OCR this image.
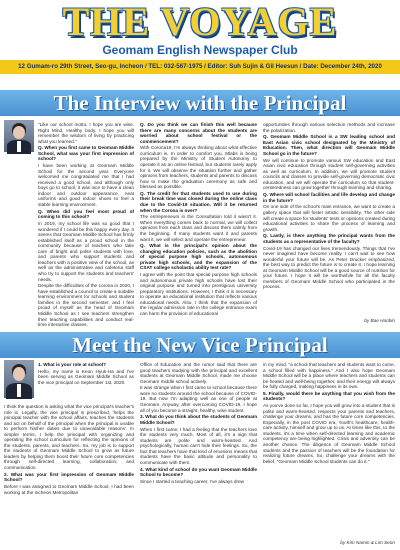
THE VOYAGE
Geomam English Newspaper Club
12 Gumam-ro 29th Street, Seo-gu, Incheon / TEL: 032-567-1975 / Editor: Suh Sujin & Gil Heesun / Date: December 24th, 2020
The Interview with the Principal

"Like our school motto, I hope you are wise. Right Mind, Healthy body. I hope you will remember the wisdom of living by practicing what you learned."

Q. When you first came to Geomam Middle School, what was your first impression of school?

I have been working at Geomam Middle School for the second year. Everyone welcomed me congratulated me that I had received a good school, and although only boys go to school, it was nice to have a clean indoor and outdoor appearance, neat uniforms and good indoor shoes to feel a stable learning environment.

Q. When did you feel most proud of coming to this school?

In 2019, my school life was so good that I wondered if I could be this happy every day. It seems that Geomam Middle School has firmly established itself as a proud school in the community because of teachers who take care of bright and polite students with love, and parents who support students and teachers with a positive view of the school, as well as the administrative and cafeteria staff who try to support the students and teachers' needs.

Despite the difficulties of the corona in 2020, I have established a council to create a suitable learning environment for schools and student families in the second semester, and I feel proud of myself as the head of Geomam Middle School as I see teachers strengthen their teaching capabilities and conduct real-time interactive classes.

Q. Do you think we can finish this well because there are many concerns about the students are worried about school festival or the commencement?

With Corona19, I'm always thinking about what effective curriculum is. In order to comfort you, Mlabs is being prepared by the Ministry of Student Autonomy to operate it as an online festival, but students rarely apply for it. We will observe the situation further and gather opinions from teachers, students and parents to discuss how to make the graduation ceremony as safe and blessed as possible.

Q. The credit for that students used to use during their break time was closed during the online class due to the Covid-19 situation. Will it be returned when the Corona is over?

The entrepreneurs in the Consultation told it wasn't it. When everything comes back to normal, we will collect opinions from each class and discuss them calmly from the beginning. If many students want it and parents want it, we will select and operate the entrepreneur.

Q. What is the principal's opinion about the changing education policies, such as the abolition of special purpose high schools, autonomous private high schools, and the expansion of the CSAT college scholastic ability test rate?

I agree with the point that special purpose high schools and autonomous private high schools have lost their original purpose and turned into prestigious university preparatory institutions. However, I think it is necessary to operate an educational institution that reflects various educational needs. Also, I think that the expansion of the regular admission rate in the college entrance exam can harm the provision of educational

opportunities through various selection methods and increase the polarization.

Q. Geomam Middle School is a SW leading school and East Asian civic school designated by the Ministry of Education. Then, what direction will Geomam Middle School go in the future?

We will continue to promote various SW education and East Asian civic education through student self-governing activities as well as curriculum. In addition, we will promote student councils and classes to provide self-governing democratic civic education, and we will operate the curriculum so that student-centeredness can grow together through learning and sharing.

Q. Where will school facilities and life develop and change in the future?

On one side of the school's main entrance, we want to create a gallery space that will foster artistic sensibility. The other side will create a space for students' tests or opinions created during educational activities to share the process of learning and growth.

Q. Lastly, is there anything the principal wants from the students as a representative of the faculty?

Covid-19 has changed our lives tremendously. Things that I've never imagined have become reality. I can't wait to see how wonderful your future will be. As Peter Drucker emphasized, the best way to predict the future is to create it. I hope learning at Geomam Middle School will be a good source of nutrition for your future. I hope it will be worthwhile for all the faculty members of Geomam Middle School who participated in the process.

by Bae Hanbin
Meet the New Vice Principal

1. What is your role at school?

Hello, my name is Keon Hyuk-Ha and I've been serving as Geomam Middle School as the vice principal on September 1st, 2020.

I think the question is asking what the vice principal's teacher's role is. Legally, the vice principal is prescribed, 'helps the principal teacher with the school affairs, teaches the students and act on behalf of the principal when the principal is unable to perform his/her duties due to unavoidable reasons'. In simpler terms, I help the principal with organizing and operating the school curriculum for reflecting the opinions of the students, parents, and teachers. So, my job is to support the students of Geomam Middle School to grow as future leaders by helping them boost their future core competencies through self-directed learning, collaboration, and communication.

2. What was your first impression of Geomam Middle School?

Before I was assigned to Geomam Middle School, I had been working at the Incheon Metropolitan

Office of Education and the rumor said that there are good teachers studying with the principal and excellent students at Geomam Middle School, made me choose Geomam middle school actively.

It was strange when I first came to school because there were no students around the school because of COVID-19. But now I'm adapting well as one of people at Geomam. Anyway, after overcoming COVID-19, I hope all of you become a straight, healthy, wise student.

3. What do you think about the students of Geomam Middle School?

When I first came, I had a feeling that the teachers love the students very much. Most of all, it's a sign that students are polite and warm-hearted. And psychologically, human can't hide their feelings. So, the fact that teachers have that kind of emotions means that students have the basic attitude and personality to communicate with them.

4. What kind of school do you want Geomam Middle School to become?

Since I started a teaching career, I've always drew

in my mind, "a school that teachers and students want to come, a school filled with happiness." And I also hope Geomam Middle School will be a place where teachers and students can be healed and well-being together, and their energy will always be fully charged, making happiness in its own.

5. Finally, would there be anything that you wish from the students?

As you've done so far, I hope you will grow into a student that is polite and warm-hearted, respects your parents and teachers, challenge your dreams, and has the future core competencies. Especially, in the post COVID era, Youth's healthcare, health-care activity, himself and grow up to us. At times like this, to the students, it's a time when self-directed learning and academic competency are being highlighted. Crisis and adversity can be another chance. The diligence of Geomam Middle School students and the passion of teachers will be the foundation for realizing future dreams. So, challenge your dreams with the belief, "Geomam Middle School students can do it."

by Kim Namin & Lim Seon
